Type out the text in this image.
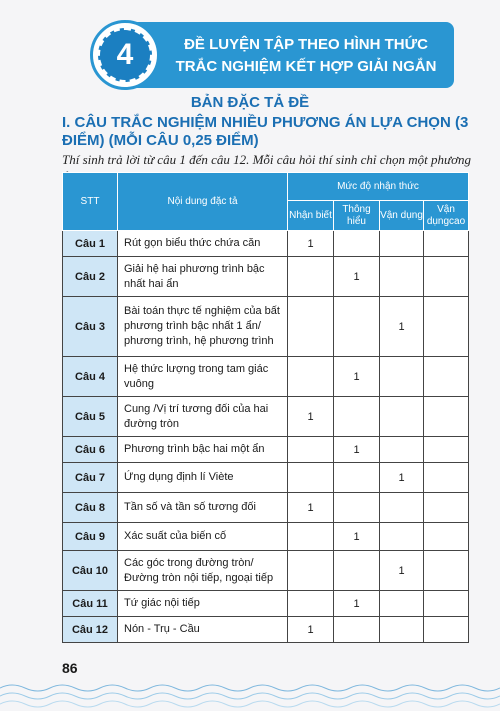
4	ĐỀ LUYỆN TẬP THEO HÌNH THỨC
TRẮC NGHIỆM KẾT HỢP GIẢI NGẮN
BẢN ĐẶC TẢ ĐỀ
I. CÂU TRẮC NGHIỆM NHIỀU PHƯƠNG ÁN LỰA CHỌN (3 ĐIỂM) (MỖI CÂU 0,25 ĐIỂM)
Thí sinh trả lời từ câu 1 đến câu 12. Mỗi câu hỏi thí sinh chỉ chọn một phương
STT	Nội dung đặc tả	Mức độ nhận thức			
		Nhận biết	Thông hiểu	Vận dụng	Vận dụngcao
Câu 1	Rút gọn biểu thức chứa căn	1			
Câu 2	Giải hệ hai phương trình bậc nhất hai ẩn		1		
Câu 3	Bài toán thực tế nghiệm của bất phương trình bậc nhất 1 ẩn/ phương trình, hệ phương trình			1	
Câu 4	Hệ thức lượng trong tam giác vuông		1		
Câu 5	Cung /Vị trí tương đối của hai đường tròn	1			
Câu 6	Phương trình bậc hai một ẩn		1		
Câu 7	Ứng dụng định lí Viète			1	
Câu 8	Tần số và tần số tương đối	1			
Câu 9	Xác suất của biến cố		1		
Câu 10	Các góc trong đường tròn/ Đường tròn nội tiếp, ngoại tiếp			1	
Câu 11	Tứ giác nội tiếp		1		
Câu 12	Nón - Trụ - Cầu	1			
86
